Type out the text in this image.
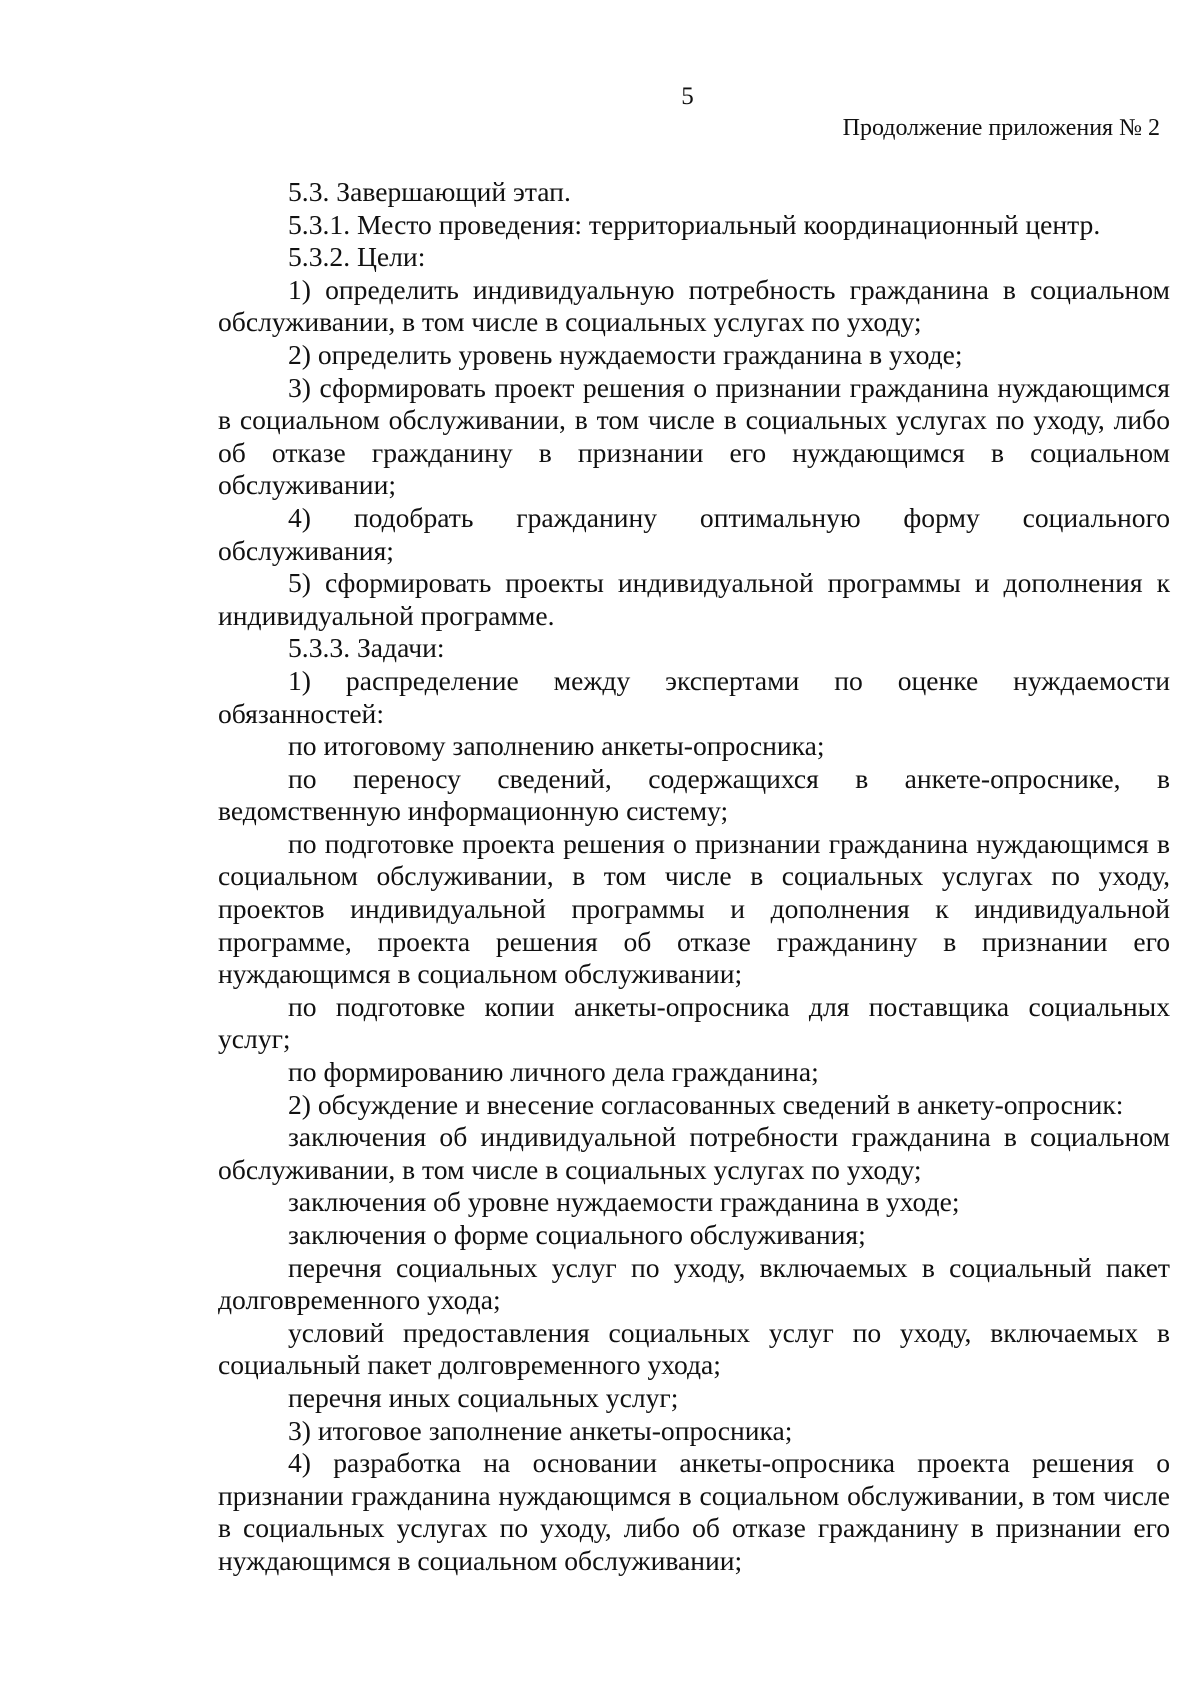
5
Продолжение приложения № 2

5.3. Завершающий этап.

5.3.1. Место проведения: территориальный координационный центр.

5.3.2. Цели:

1) определить индивидуальную потребность гражданина в социальном обслуживании, в том числе в социальных услугах по уходу;

2) определить уровень нуждаемости гражданина в уходе;

3) сформировать проект решения о признании гражданина нуждающимся в социальном обслуживании, в том числе в социальных услугах по уходу, либо об отказе гражданину в признании его нуждающимся в социальном обслуживании;

4) подобрать гражданину оптимальную форму социального обслуживания;

5) сформировать проекты индивидуальной программы и дополнения к индивидуальной программе.

5.3.3. Задачи:

1) распределение между экспертами по оценке нуждаемости обязанностей:

по итоговому заполнению анкеты-опросника;

по переносу сведений, содержащихся в анкете-опроснике, в ведомственную информационную систему;

по подготовке проекта решения о признании гражданина нуждающимся в социальном обслуживании, в том числе в социальных услугах по уходу, проектов индивидуальной программы и дополнения к индивидуальной программе, проекта решения об отказе гражданину в признании его нуждающимся в социальном обслуживании;

по подготовке копии анкеты-опросника для поставщика социальных услуг;

по формированию личного дела гражданина;

2) обсуждение и внесение согласованных сведений в анкету-опросник:

заключения об индивидуальной потребности гражданина в социальном обслуживании, в том числе в социальных услугах по уходу;

заключения об уровне нуждаемости гражданина в уходе;

заключения о форме социального обслуживания;

перечня социальных услуг по уходу, включаемых в социальный пакет долговременного ухода;

условий предоставления социальных услуг по уходу, включаемых в социальный пакет долговременного ухода;

перечня иных социальных услуг;

3) итоговое заполнение анкеты-опросника;

4) разработка на основании анкеты-опросника проекта решения о признании гражданина нуждающимся в социальном обслуживании, в том числе в социальных услугах по уходу, либо об отказе гражданину в признании его нуждающимся в социальном обслуживании;
